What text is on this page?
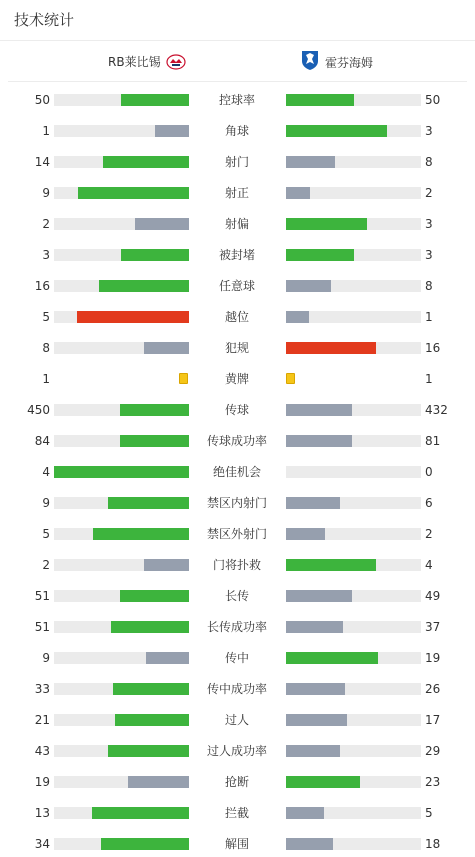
技术统计
RB莱比锡	霍芬海姆
50	控球率	50
1	角球	3
14	射门	8
9	射正	2
2	射偏	3
3	被封堵	3
16	任意球	8
5	越位	1
8	犯规	16
1	黄牌	1
450	传球	432
84	传球成功率	81
4	绝佳机会	0
9	禁区内射门	6
5	禁区外射门	2
2	门将扑救	4
51	长传	49
51	长传成功率	37
9	传中	19
33	传中成功率	26
21	过人	17
43	过人成功率	29
19	抢断	23
13	拦截	5
34	解围	18
